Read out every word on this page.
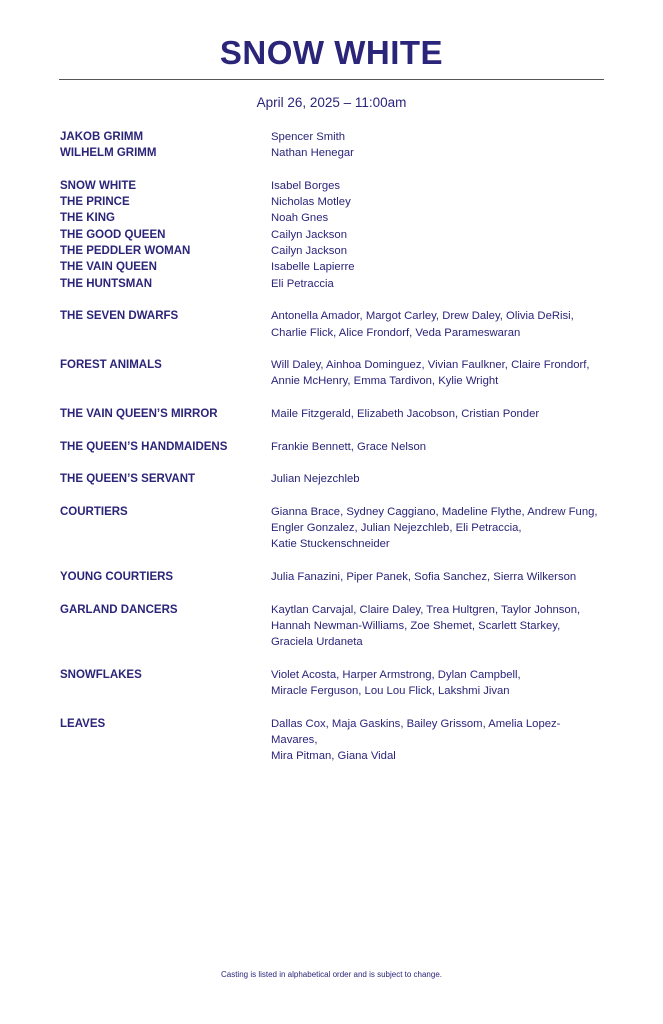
SNOW WHITE
April 26, 2025 – 11:00am
JAKOB GRIMM	Spencer Smith
WILHELM GRIMM	Nathan Henegar
SNOW WHITE	Isabel Borges
THE PRINCE	Nicholas Motley
THE KING	Noah Gnes
THE GOOD QUEEN	Cailyn Jackson
THE PEDDLER WOMAN	Cailyn Jackson
THE VAIN QUEEN	Isabelle Lapierre
THE HUNTSMAN	Eli Petraccia
THE SEVEN DWARFS	Antonella Amador, Margot Carley, Drew Daley, Olivia DeRisi,
Charlie Flick, Alice Frondorf, Veda Parameswaran
FOREST ANIMALS	Will Daley, Ainhoa Dominguez, Vivian Faulkner, Claire Frondorf,
Annie McHenry, Emma Tardivon, Kylie Wright
THE VAIN QUEEN’S MIRROR	Maile Fitzgerald, Elizabeth Jacobson, Cristian Ponder
THE QUEEN’S HANDMAIDENS	Frankie Bennett, Grace Nelson
THE QUEEN’S SERVANT	Julian Nejezchleb
COURTIERS	Gianna Brace, Sydney Caggiano, Madeline Flythe, Andrew Fung,
Engler Gonzalez, Julian Nejezchleb, Eli Petraccia,
Katie Stuckenschneider
YOUNG COURTIERS	Julia Fanazini, Piper Panek, Sofia Sanchez, Sierra Wilkerson
GARLAND DANCERS	Kaytlan Carvajal, Claire Daley, Trea Hultgren, Taylor Johnson,
Hannah Newman-Williams, Zoe Shemet, Scarlett Starkey,
Graciela Urdaneta
SNOWFLAKES	Violet Acosta, Harper Armstrong, Dylan Campbell,
Miracle Ferguson, Lou Lou Flick, Lakshmi Jivan
LEAVES	Dallas Cox, Maja Gaskins, Bailey Grissom, Amelia Lopez-Mavares,
Mira Pitman, Giana Vidal
Casting is listed in alphabetical order and is subject to change.
